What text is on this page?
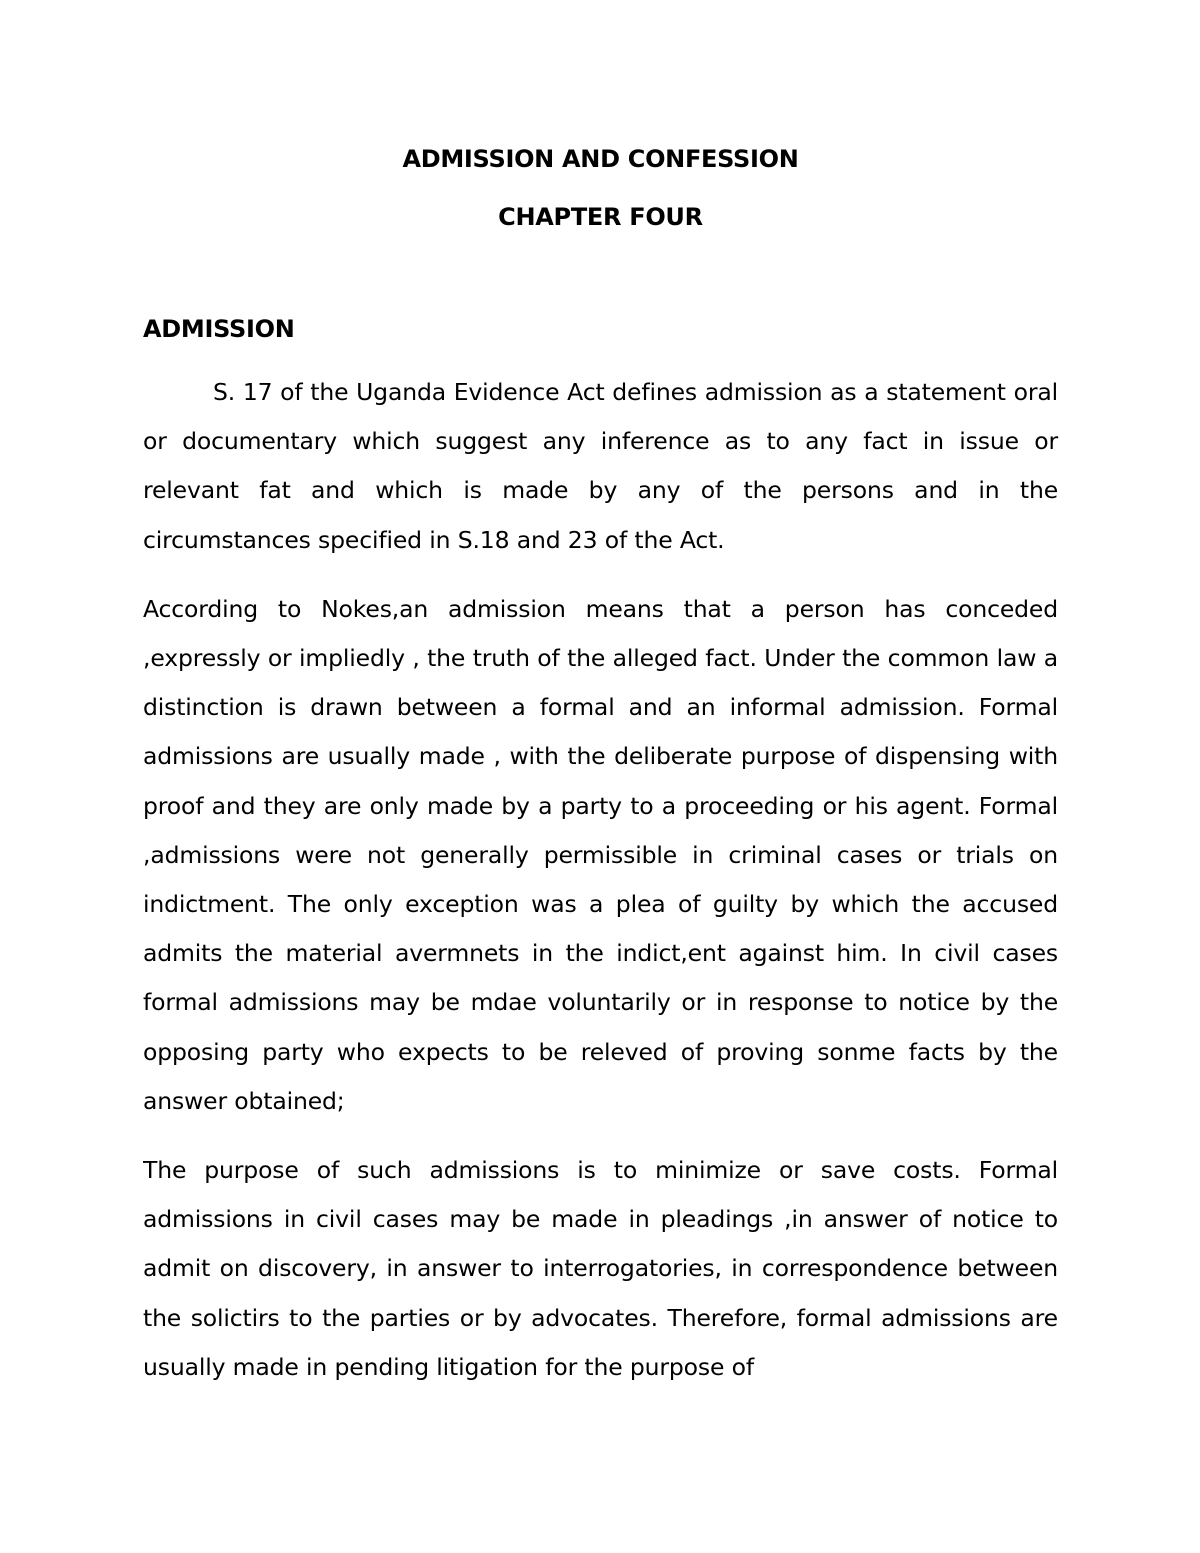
ADMISSION AND CONFESSION
CHAPTER FOUR
ADMISSION

S. 17 of the Uganda Evidence Act defines admission as a statement oral or documentary which suggest any inference as to any fact in issue or relevant fat and which is made by any of the persons and in the circumstances specified in S.18 and 23 of the Act.

According to Nokes,an admission means that a person has conceded ,expressly or impliedly , the truth of the alleged fact. Under the common law a distinction is drawn between a formal and an informal admission. Formal admissions are usually made , with the deliberate purpose of dispensing with proof and they are only made by a party to a proceeding or his agent. Formal ,admissions were not generally permissible in criminal cases or trials on indictment. The only exception was a plea of guilty by which the accused admits the material avermnets in the indict,ent against him. In civil cases formal admissions may be mdae voluntarily or in response to notice by the opposing party who expects to be releved of proving sonme facts by the answer obtained;

The purpose of such admissions is to minimize or save costs. Formal admissions in civil cases may be made in pleadings ,in answer of notice to admit on discovery, in answer to interrogatories, in correspondence between the solictirs to the parties or by advocates. Therefore, formal admissions are usually made in pending litigation for the purpose of
